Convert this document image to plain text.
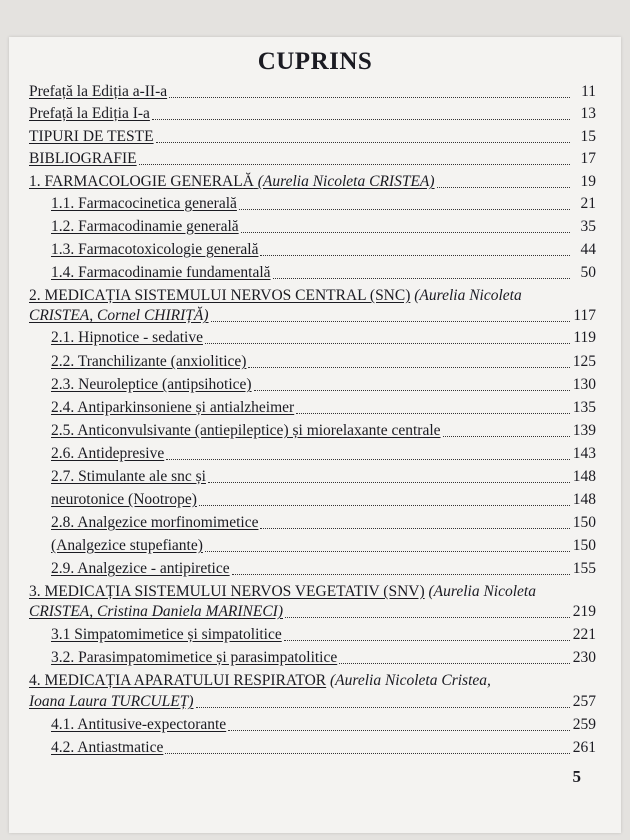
CUPRINS
Prefață la Ediția a-II-a	11
Prefață la Ediția I-a	13
TIPURI DE TESTE	15
BIBLIOGRAFIE	17
1. FARMACOLOGIE GENERALĂ (Aurelia Nicoleta CRISTEA)	19
1.1. Farmacocinetica generală	21
1.2. Farmacodinamie generală	35
1.3. Farmacotoxicologie generală	44
1.4. Farmacodinamie fundamentală	50
2. MEDICAȚIA SISTEMULUI NERVOS CENTRAL (SNC) (Aurelia Nicoleta
CRISTEA, Cornel CHIRIȚĂ)	117
2.1. Hipnotice - sedative	119
2.2. Tranchilizante (anxiolitice)	125
2.3. Neuroleptice (antipsihotice)	130
2.4. Antiparkinsoniene și antialzheimer	135
2.5. Anticonvulsivante (antiepileptice) și miorelaxante centrale	139
2.6. Antidepresive	143
2.7. Stimulante ale snc și	148
neurotonice (Nootrope)	148
2.8. Analgezice morfinomimetice	150
(Analgezice stupefiante)	150
2.9. Analgezice - antipiretice	155
3. MEDICAȚIA SISTEMULUI NERVOS VEGETATIV (SNV) (Aurelia Nicoleta
CRISTEA, Cristina Daniela MARINECI)	219
3.1 Simpatomimetice și simpatolitice	221
3.2. Parasimpatomimetice și parasimpatolitice	230
4. MEDICAȚIA APARATULUI RESPIRATOR (Aurelia Nicoleta Cristea,
Ioana Laura TURCULEȚ)	257
4.1. Antitusive-expectorante	259
4.2. Antiastmatice	261
5
